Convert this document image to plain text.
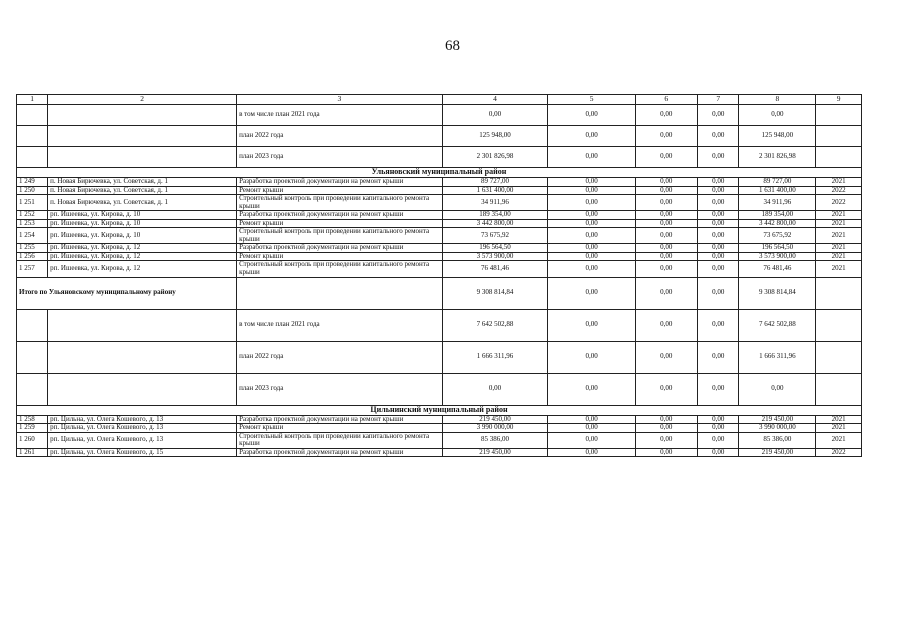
68
1	2	3	4	5	6	7	8	9
		в том числе план 2021 года	0,00	0,00	0,00	0,00	0,00	
		план 2022 года	125 948,00	0,00	0,00	0,00	125 948,00	
		план 2023 года	2 301 826,98	0,00	0,00	0,00	2 301 826,98	
Ульяновский муниципальный район								
1 249	п. Новая Бирючевка, ул. Советская, д. 1	Разработка проектной документации на ремонт крыши	89 727,00	0,00	0,00	0,00	89 727,00	2021
1 250	п. Новая Бирючевка, ул. Советская, д. 1	Ремонт крыши	1 631 400,00	0,00	0,00	0,00	1 631 400,00	2022
1 251	п. Новая Бирючевка, ул. Советская, д. 1	Строительный контроль при проведении капитального ремонта крыши	34 911,96	0,00	0,00	0,00	34 911,96	2022
1 252	рп. Ишеевка, ул. Кирова, д. 10	Разработка проектной документации на ремонт крыши	189 354,00	0,00	0,00	0,00	189 354,00	2021
1 253	рп. Ишеевка, ул. Кирова, д. 10	Ремонт крыши	3 442 800,00	0,00	0,00	0,00	3 442 800,00	2021
1 254	рп. Ишеевка, ул. Кирова, д. 10	Строительный контроль при проведении капитального ремонта крыши	73 675,92	0,00	0,00	0,00	73 675,92	2021
1 255	рп. Ишеевка, ул. Кирова, д. 12	Разработка проектной документации на ремонт крыши	196 564,50	0,00	0,00	0,00	196 564,50	2021
1 256	рп. Ишеевка, ул. Кирова, д. 12	Ремонт крыши	3 573 900,00	0,00	0,00	0,00	3 573 900,00	2021
1 257	рп. Ишеевка, ул. Кирова, д. 12	Строительный контроль при проведении капитального ремонта крыши	76 481,46	0,00	0,00	0,00	76 481,46	2021
Итого по Ульяновскому муниципальному району			9 308 814,84	0,00	0,00	0,00	9 308 814,84	
		в том числе план 2021 года	7 642 502,88	0,00	0,00	0,00	7 642 502,88	
		план 2022 года	1 666 311,96	0,00	0,00	0,00	1 666 311,96	
		план 2023 года	0,00	0,00	0,00	0,00	0,00	
Цильнинский муниципальный район								
1 258	рп. Цильна, ул. Олега Кошевого, д. 13	Разработка проектной документации на ремонт крыши	219 450,00	0,00	0,00	0,00	219 450,00	2021
1 259	рп. Цильна, ул. Олега Кошевого, д. 13	Ремонт крыши	3 990 000,00	0,00	0,00	0,00	3 990 000,00	2021
1 260	рп. Цильна, ул. Олега Кошевого, д. 13	Строительный контроль при проведении капитального ремонта крыши	85 386,00	0,00	0,00	0,00	85 386,00	2021
1 261	рп. Цильна, ул. Олега Кошевого, д. 15	Разработка проектной документации на ремонт крыши	219 450,00	0,00	0,00	0,00	219 450,00	2022
